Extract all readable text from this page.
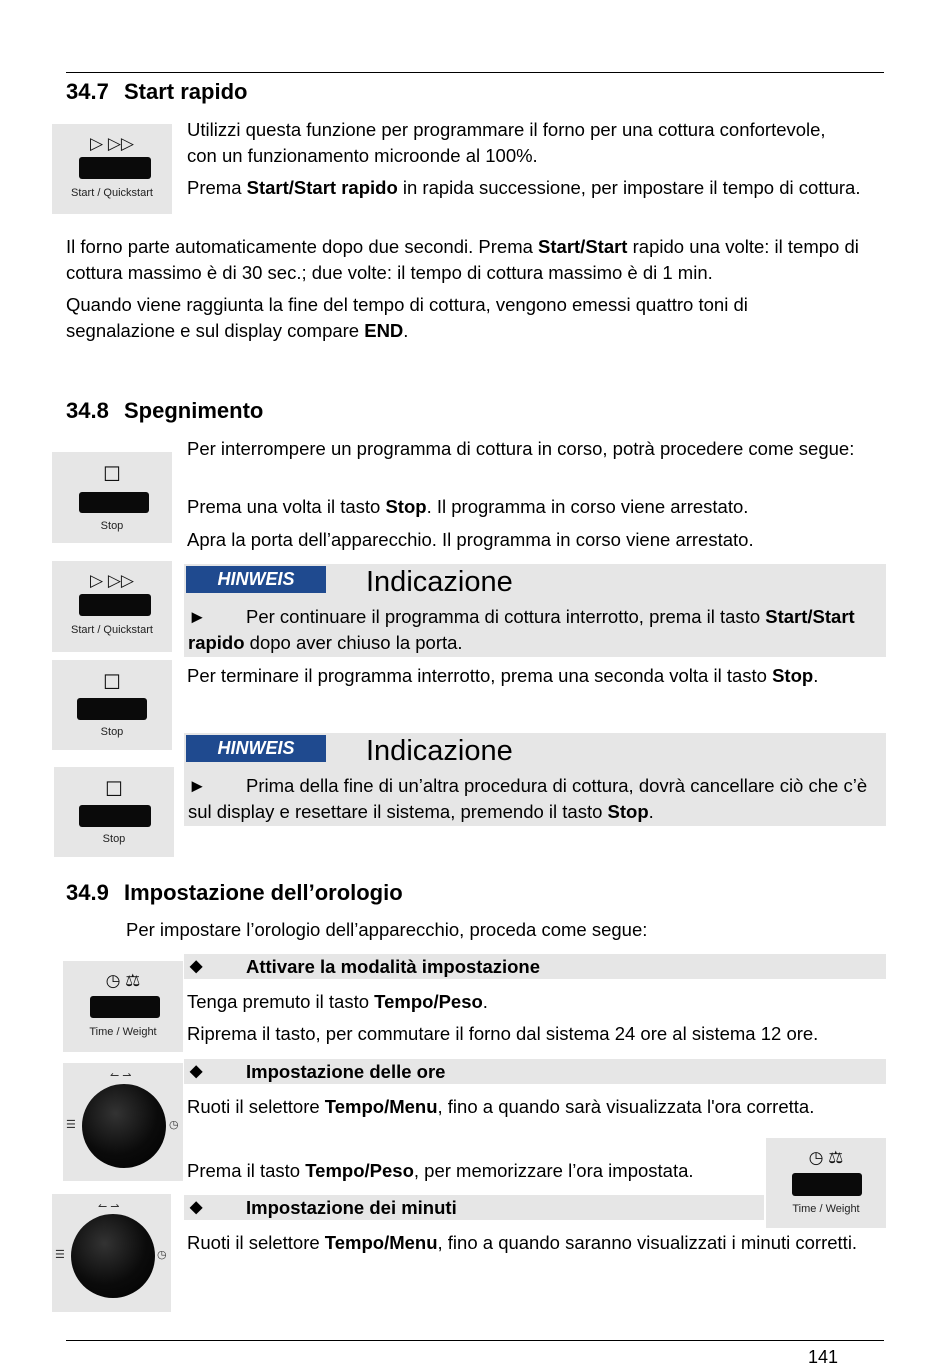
34.7 Start rapido
▷ ▷▷
Start / Quickstart
Utilizzi questa funzione per programmare il forno per una cottura confortevole, con un funzionamento microonde al 100%.
Prema Start/Start rapido in rapida successione, per impostare il tempo di cottura.
Il forno parte automaticamente dopo due secondi. Prema Start/Start rapido una volte: il tempo di cottura massimo è di 30 sec.; due volte: il tempo di cottura massimo è di 1 min.
Quando viene raggiunta la fine del tempo di cottura, vengono emessi quattro toni di segnalazione e sul display compare END.
34.8 Spegnimento
☐
Stop
Per interrompere un programma di cottura in corso, potrà procedere come segue:
Prema una volta il tasto Stop. Il programma in corso viene arrestato.
Apra la porta dell’apparecchio. Il programma in corso viene arrestato.
▷ ▷▷
Start / Quickstart
HINWEIS	Indicazione
► Per continuare il programma di cottura interrotto, prema il tasto Start/Start rapido dopo aver chiuso la porta.
Per terminare il programma interrotto, prema una seconda volta il tasto Stop.
☐
Stop
HINWEIS	Indicazione
► Prima della fine di un’altra procedura di cottura, dovrà cancellare ciò che c’è sul display e resettare il sistema, premendo il tasto Stop.
☐
Stop
34.9 Impostazione dell’orologio
Per impostare l’orologio dell’apparecchio, proceda come segue:
◷ ⚖
Time / Weight
◆ Attivare la modalità impostazione
Tenga premuto il tasto Tempo/Peso.
Riprema il tasto, per commutare il forno dal sistema 24 ore al sistema 12 ore.
↼ ⇀
☰	◷
◆ Impostazione delle ore
Ruoti il selettore Tempo/Menu, fino a quando sarà visualizzata l'ora corretta.
◷ ⚖
Time / Weight
Prema il tasto Tempo/Peso, per memorizzare l’ora impostata.
◆ Impostazione dei minuti
↼ ⇀
☰	◷
Ruoti il selettore Tempo/Menu, fino a quando saranno visualizzati i minuti corretti.
141
